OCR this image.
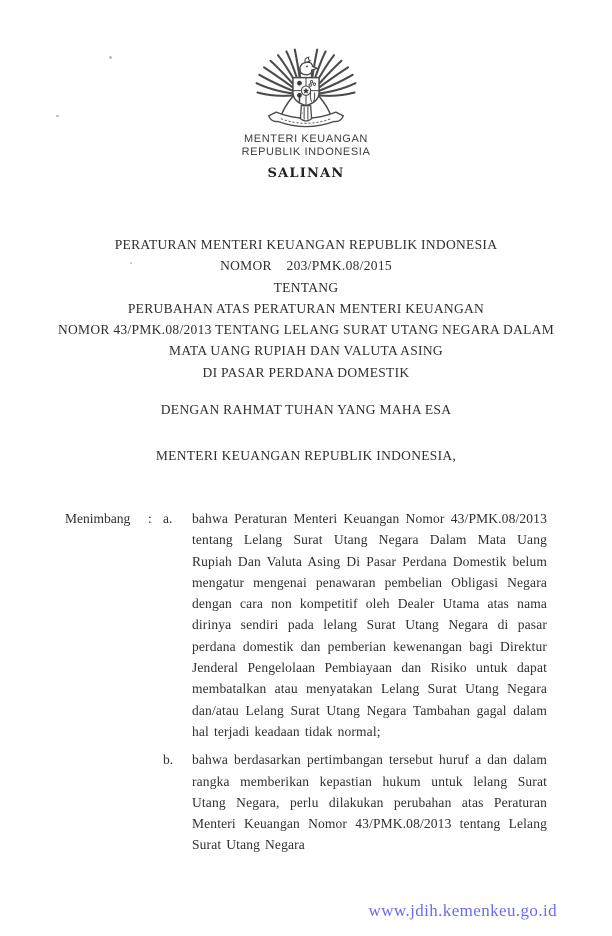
MENTERI KEUANGAN
REPUBLIK INDONESIA
SALINAN
PERATURAN MENTERI KEUANGAN REPUBLIK INDONESIA
NOMOR    203/PMK.08/2015
TENTANG
PERUBAHAN ATAS PERATURAN MENTERI KEUANGAN
NOMOR 43/PMK.08/2013 TENTANG LELANG SURAT UTANG NEGARA DALAM
MATA UANG RUPIAH DAN VALUTA ASING
DI PASAR PERDANA DOMESTIK
DENGAN RAHMAT TUHAN YANG MAHA ESA
MENTERI KEUANGAN REPUBLIK INDONESIA,
Menimbang	: a.	bahwa Peraturan Menteri Keuangan Nomor 43/PMK.08/2013 tentang Lelang Surat Utang Negara Dalam Mata Uang Rupiah Dan Valuta Asing Di Pasar Perdana Domestik belum mengatur mengenai penawaran pembelian Obligasi Negara dengan cara non kompetitif oleh Dealer Utama atas nama dirinya sendiri pada lelang Surat Utang Negara di pasar perdana domestik dan pemberian kewenangan bagi Direktur Jenderal Pengelolaan Pembiayaan dan Risiko untuk dapat membatalkan atau menyatakan Lelang Surat Utang Negara dan/atau Lelang Surat Utang Negara Tambahan gagal dalam hal terjadi keadaan tidak normal;
b.	bahwa berdasarkan pertimbangan tersebut huruf a dan dalam rangka memberikan kepastian hukum untuk lelang Surat Utang Negara, perlu dilakukan perubahan atas Peraturan Menteri Keuangan Nomor 43/PMK.08/2013 tentang Lelang Surat Utang Negara
www.jdih.kemenkeu.go.id
